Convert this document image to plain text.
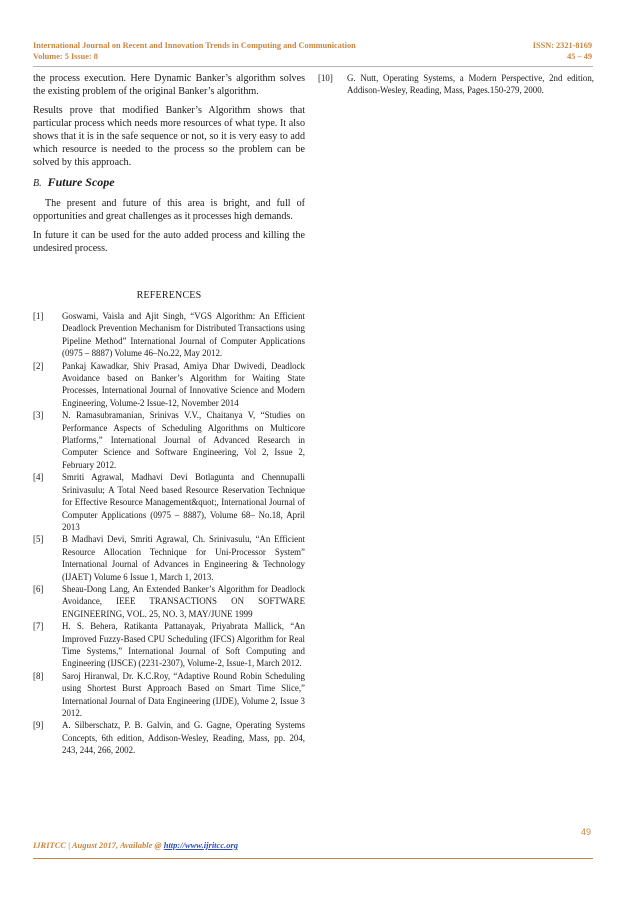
International Journal on Recent and Innovation Trends in Computing and Communication	ISSN: 2321-8169
Volume: 5 Issue: 8	45 – 49

the process execution. Here Dynamic Banker’s algorithm solves the existing problem of the original Banker’s algorithm.

Results prove that modified Banker’s Algorithm shows that particular process which needs more resources of what type. It also shows that it is in the safe sequence or not, so it is very easy to add which resource is needed to the process so the problem can be solved by this approach.

B. Future Scope

The present and future of this area is bright, and full of opportunities and great challenges as it processes high demands.

In future it can be used for the auto added process and killing the undesired process.

REFERENCES
[1]	Goswami, Vaisla and Ajit Singh, “VGS Algorithm: An Efficient Deadlock Prevention Mechanism for Distributed Transactions using Pipeline Method” International Journal of Computer Applications (0975 – 8887) Volume 46–No.22, May 2012.
[2]	Pankaj Kawadkar, Shiv Prasad, Amiya Dhar Dwivedi, Deadlock Avoidance based on Banker’s Algorithm for Waiting State Processes, International Journal of Innovative Science and Modern Engineering, Volume-2 Issue-12, November 2014
[3]	N. Ramasubramanian, Srinivas V.V., Chaitanya V, “Studies on Performance Aspects of Scheduling Algorithms on Multicore Platforms,” International Journal of Advanced Research in Computer Science and Software Engineering, Vol 2, Issue 2, February 2012.
[4]	Smriti Agrawal, Madhavi Devi Botlagunta and Chennupalli Srinivasulu; A Total Need based Resource Reservation Technique for Effective Resource Management&quot;, International Journal of Computer Applications (0975 – 8887), Volume 68– No.18, April 2013
[5]	B Madhavi Devi, Smriti Agrawal, Ch. Srinivasulu, “An Efficient Resource Allocation Technique for Uni-Processor System” International Journal of Advances in Engineering & Technology (IJAET) Volume 6 Issue 1, March 1, 2013.
[6]	Sheau-Dong Lang, An Extended Banker’s Algorithm for Deadlock Avoidance, IEEE TRANSACTIONS ON SOFTWARE ENGINEERING, VOL. 25, NO. 3, MAY/JUNE 1999
[7]	H. S. Behera, Ratikanta Pattanayak, Priyabrata Mallick, “An Improved Fuzzy-Based CPU Scheduling (IFCS) Algorithm for Real Time Systems,” International Journal of Soft Computing and Engineering (IJSCE) (2231-2307), Volume-2, Issue-1, March 2012.
[8]	Saroj Hiranwal, Dr. K.C.Roy, “Adaptive Round Robin Scheduling using Shortest Burst Approach Based on Smart Time Slice,” International Journal of Data Engineering (IJDE), Volume 2, Issue 3 2012.
[9]	A. Silberschatz, P. B. Galvin, and G. Gagne, Operating Systems Concepts, 6th edition, Addison-Wesley, Reading, Mass, pp. 204, 243, 244, 266, 2002.
[10]	G. Nutt, Operating Systems, a Modern Perspective, 2nd edition, Addison-Wesley, Reading, Mass, Pages.150-279, 2000.
49
IJRITCC | August 2017, Available @ http://www.ijritcc.org
